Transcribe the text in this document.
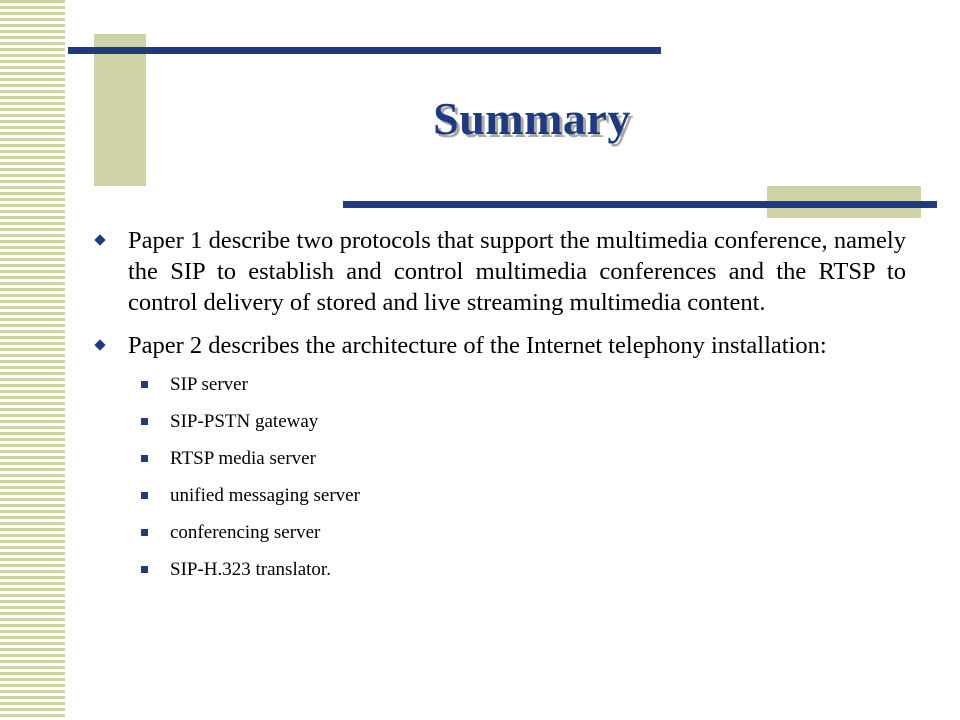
Summary
Paper 1 describe two protocols that support the multimedia conference, namely the SIP to establish and control multimedia conferences and the RTSP to control delivery of stored and live streaming multimedia content.
Paper 2 describes the architecture of the Internet telephony installation:
SIP server
SIP-PSTN gateway
RTSP media server
unified messaging server
conferencing server
SIP-H.323 translator.
